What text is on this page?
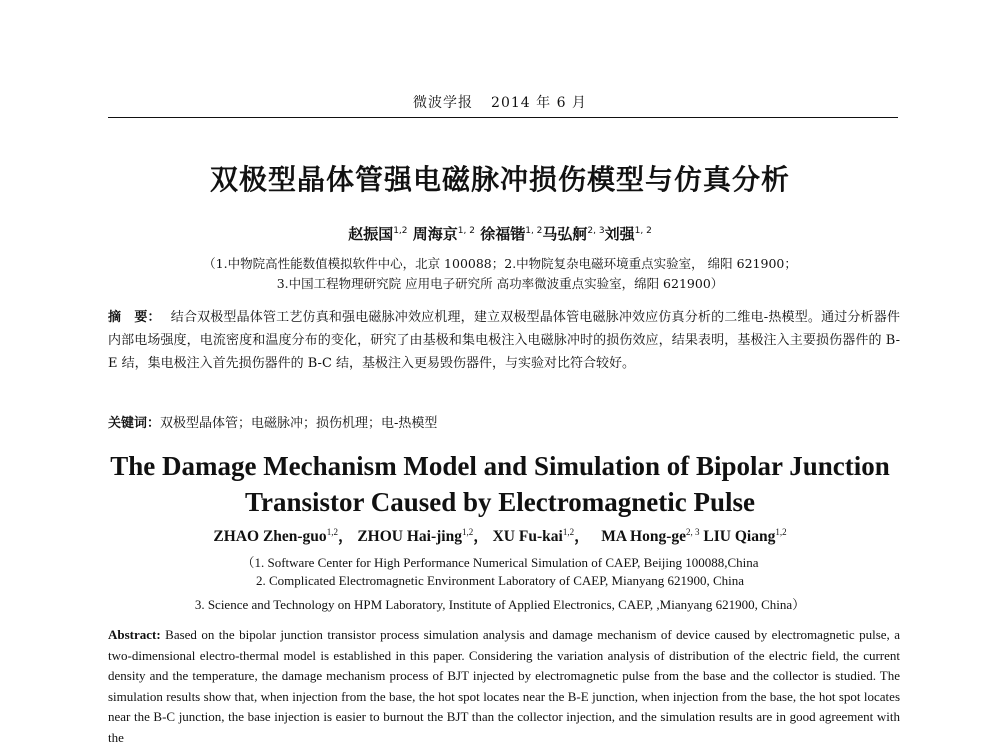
微波学报 2014 年 6 月
双极型晶体管强电磁脉冲损伤模型与仿真分析
赵振国$^{1,2}$ 周海京$^{1, 2}$ 徐福锴$^{1, 2}$马弘舸$^{2, 3}$刘强$^{1, 2}$
（1.中物院高性能数值模拟软件中心，北京 100088；2.中物院复杂电磁环境重点实验室， 绵阳 621900；
3.中国工程物理研究院 应用电子研究所 高功率微波重点实验室，绵阳 621900）
摘　要： 结合双极型晶体管工艺仿真和强电磁脉冲效应机理，建立双极型晶体管电磁脉冲效应仿真分析的二维电-热模型。通过分析器件内部电场强度，电流密度和温度分布的变化，研究了由基极和集电极注入电磁脉冲时的损伤效应，结果表明，基极注入主要损伤器件的 B-E 结，集电极注入首先损伤器件的 B-C 结，基极注入更易毁伤器件，与实验对比符合较好。
关键词：双极型晶体管；电磁脉冲；损伤机理；电-热模型
The Damage Mechanism Model and Simulation of Bipolar Junction
Transistor Caused by Electromagnetic Pulse
ZHAO Zhen-guo$^{1,2}$， ZHOU Hai-jing$^{1,2}$， XU Fu-kai$^{1,2}$， MA Hong-ge$^{2, 3}$ LIU Qiang$^{1,2}$
（1. Software Center for High Performance Numerical Simulation of CAEP, Beijing 100088,China
2. Complicated Electromagnetic Environment Laboratory of CAEP, Mianyang 621900, China
3. Science and Technology on HPM Laboratory, Institute of Applied Electronics, CAEP, ,Mianyang 621900, China）
Abstract: Based on the bipolar junction transistor process simulation analysis and damage mechanism of device caused by electromagnetic pulse, a two-dimensional electro-thermal model is established in this paper. Considering the variation analysis of distribution of the electric field, the current density and the temperature, the damage mechanism process of BJT injected by electromagnetic pulse from the base and the collector is studied. The simulation results show that, when injection from the base, the hot spot locates near the B-E junction, when injection from the base, the hot spot locates near the B-C junction, the base injection is easier to burnout the BJT than the collector injection, and the simulation results are in good agreement with the
